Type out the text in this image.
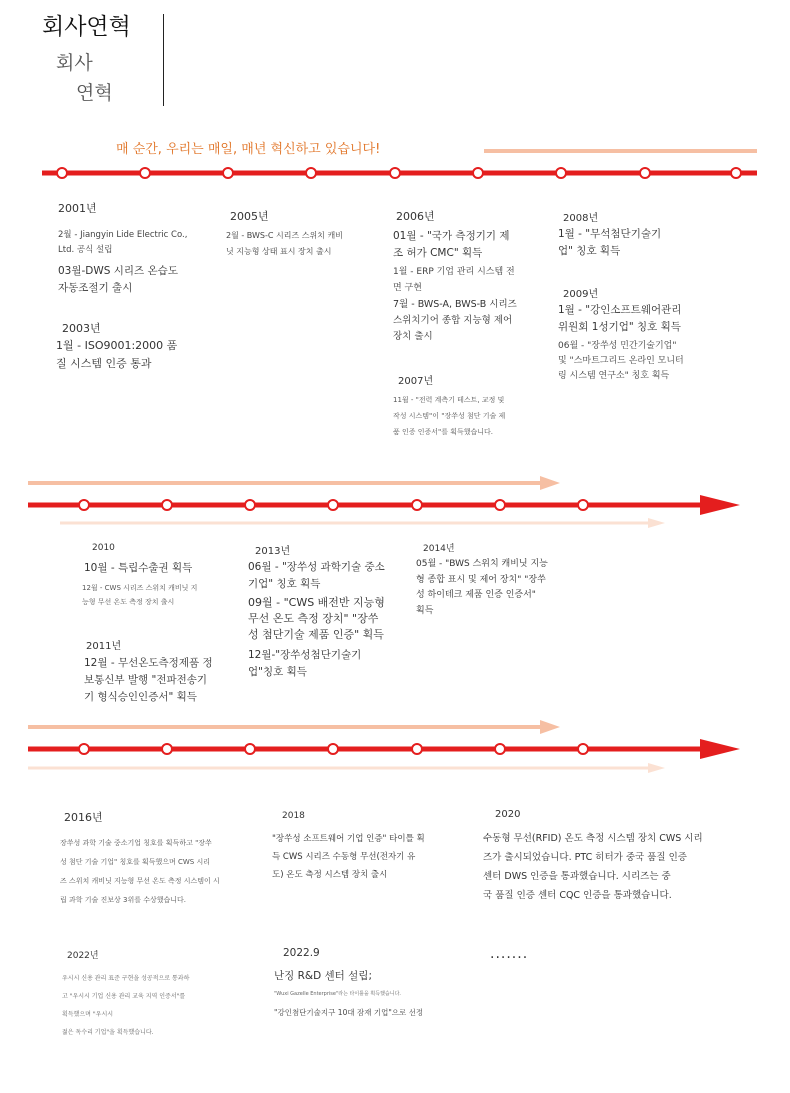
회사연혁
회사
연혁
매 순간, 우리는 매일, 매년 혁신하고 있습니다!
2001년
2월 - Jiangyin Lide Electric Co.,
Ltd. 공식 설립
03월-DWS 시리즈 온습도
자동조절기 출시
2003년
1월 - ISO9001:2000 품
질 시스템 인증 통과
2005년
2월 - BWS-C 시리즈 스위치 캐비
닛 지능형 상태 표시 장치 출시
2006년
01월 - "국가 측정기기 제
조 허가 CMC" 획득
1월 - ERP 기업 관리 시스템 전
면 구현
7월 - BWS-A, BWS-B 시리즈
스위치기어 종합 지능형 제어
장치 출시
2007년
11월 - "전력 계측기 테스트, 교정 및
작성 시스템"이 "장쑤성 첨단 기술 제
품 인증 인증서"를 획득했습니다.
2008년
1월 - "무석첨단기술기
업" 칭호 획득
2009년
1월 - "강인소프트웨어관리
위원회 1성기업" 칭호 획득
06월 - "장쑤성 민간기술기업"
및 "스마트그리드 온라인 모니터
링 시스템 연구소" 칭호 획득
2010
10월 - 특립수출권 획득
12월 - CWS 시리즈 스위치 캐비닛 지
능형 무선 온도 측정 장치 출시
2011년
12월 - 무선온도측정제품 정
보통신부 발행 "전파전송기
기 형식승인인증서" 획득
2013년
06월 - "장쑤성 과학기술 중소
기업" 칭호 획득
09월 - "CWS 배전반 지능형
무선 온도 측정 장치" "장쑤
성 첨단기술 제품 인증" 획득
12월-"장쑤성첨단기술기
업"칭호 획득
2014년
05월 - "BWS 스위치 캐비닛 지능
형 종합 표시 및 제어 장치" "장쑤
성 하이테크 제품 인증 인증서"
획득
2016년
장쑤성 과학 기술 중소기업 칭호를 획득하고 "장쑤
성 첨단 기술 기업" 칭호를 획득했으며 CWS 시리
즈 스위치 캐비닛 지능형 무선 온도 측정 시스템이 시
립 과학 기술 진보상 3위를 수상했습니다.
2018
"장쑤성 소프트웨어 기업 인증" 타이틀 획
득 CWS 시리즈 수동형 무선(전자기 유
도) 온도 측정 시스템 장치 출시
2020
수동형 무선(RFID) 온도 측정 시스템 장치 CWS 시리
즈가 출시되었습니다. PTC 히터가 중국 품질 인증
센터 DWS 인증을 통과했습니다. 시리즈는 중
국 품질 인증 센터 CQC 인증을 통과했습니다.
2022년
우시시 신용 관리 표준 구현을 성공적으로 통과하
고 "우시시 기업 신용 관리 교육 지역 인증서"를
획득했으며 "우시시
젊은 독수리 기업"을 획득했습니다.
2022.9
난징 R&D 센터 설립;
"Wuxi Gazelle Enterprise"라는 타이틀을 획득했습니다.
"강인첨단기술지구 10대 잠재 기업"으로 선정
·······
